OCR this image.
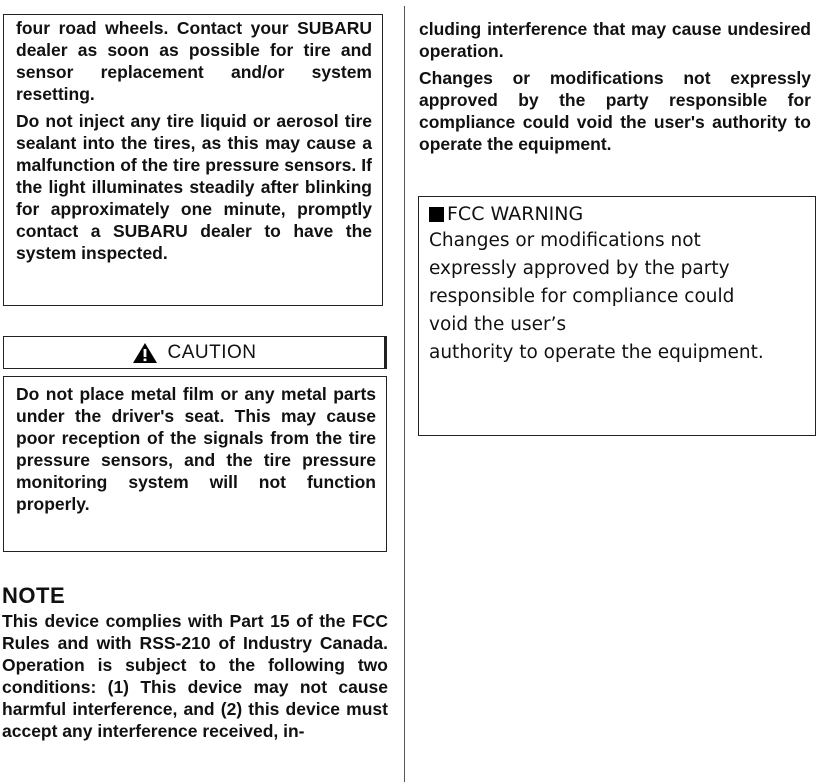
four road wheels. Contact your SUBARU dealer as soon as possible for tire and sensor replacement and/or system resetting.

Do not inject any tire liquid or aerosol tire sealant into the tires, as this may cause a malfunction of the tire pressure sensors. If the light illuminates steadily after blinking for approximately one minute, promptly contact a SUBARU dealer to have the system inspected.

CAUTION

Do not place metal film or any metal parts under the driver's seat. This may cause poor reception of the signals from the tire pressure sensors, and the tire pressure monitoring system will not function properly.

NOTE

This device complies with Part 15 of the FCC Rules and with RSS-210 of Industry Canada. Operation is subject to the following two conditions: (1) This device may not cause harmful interference, and (2) this device must accept any interference received, in-

cluding interference that may cause undesired operation.

Changes or modifications not expressly approved by the party responsible for compliance could void the user's authority to operate the equipment.

FCC WARNING
Changes or modifications not
expressly approved by the party
responsible for compliance could
void the user’s
authority to operate the equipment.
